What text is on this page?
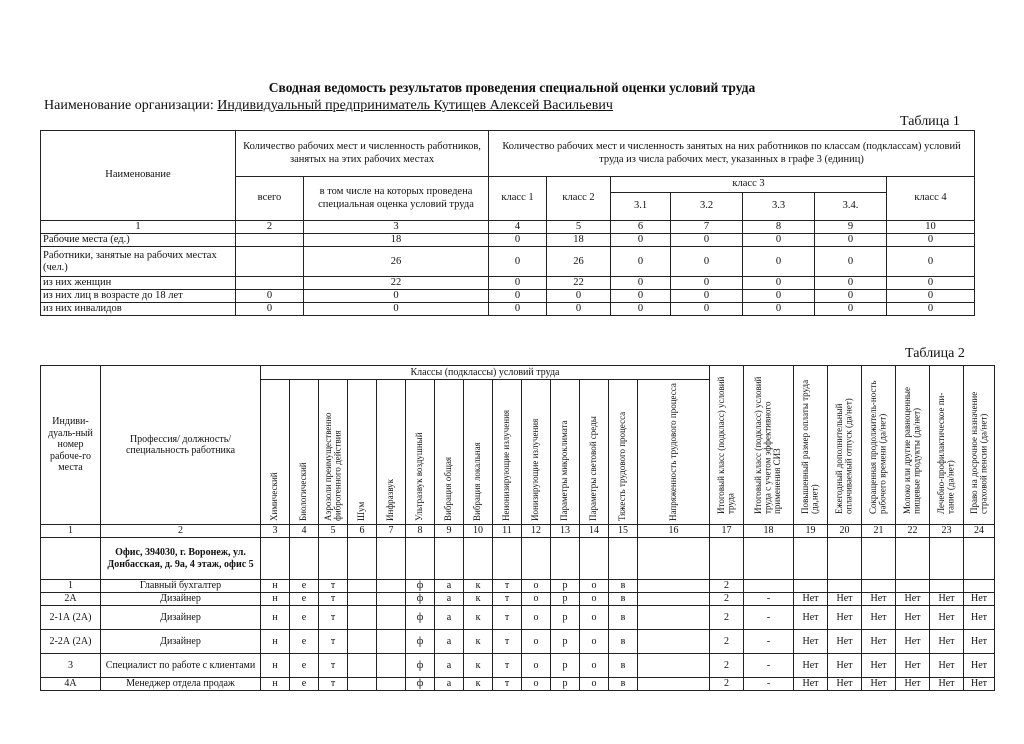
Сводная ведомость результатов проведения специальной оценки условий труда
Наименование организации: Индивидуальный предприниматель Кутищев Алексей Васильевич
Таблица 1
Наименование	Количество рабочих мест и численность работников, занятых на этих рабочих местах		Количество рабочих мест и численность занятых на них работников по классам (подклассам) условий труда из числа рабочих мест, указанных в графе 3 (единиц)						
	всего	в том числе на которых проведена специальная оценка условий труда	класс 1	класс 2	класс 3				класс 4
					3.1	3.2	3.3	3.4.	
1	2	3	4	5	6	7	8	9	10
Рабочие места (ед.)		18	0	18	0	0	0	0	0
Работники, занятые на рабочих местах (чел.)		26	0	26	0	0	0	0	0
из них женщин		22	0	22	0	0	0	0	0
из них лиц в возрасте до 18 лет	0	0	0	0	0	0	0	0	0
из них инвалидов	0	0	0	0	0	0	0	0	0
Таблица 2
Индиви-дуаль-ный номер рабоче-го места	Профессия/ должность/ специальность работника	Классы (подклассы) условий труда														Итоговый класс (подкласс) условий труда	Итоговый класс (подкласс) условий труда с учетом эффективного применения СИЗ	Повышенный размер оплаты труда (да,нет)	Ежегодный дополнительный оплачиваемый отпуск (да/нет)	Сокращенная продолжитель-ность рабочего времени (да/нет)	Молоко или другие равноценные пищевые продукты (да/нет)	Лечебно-профилактическое пи-тание (да/нет)	Право на досрочное назначение страховой пенсии (да/нет)

		Химический	Биологический	Аэрозоли преимущественно фиброгенного действия	Шум	Инфразвук	Ультразвук воздушный	Вибрация общая	Вибрация локальная	Неионизирующие излучения	Ионизирующие излучения	Параметры микроклимата	Параметры световой среды	Тяжесть трудового процесса	Напряженность трудового процесса								

1	2	3	4	5	6	7	8	9	10	11	12	13	14	15	16	17	18	19	20	21	22	23	24
	Офис, 394030, г. Воронеж, ул. Донбасская, д. 9а, 4 этаж, офис 5																						
1	Главный бухгалтер	н	е	т			ф	а	к	т	о	р	о	в		2							
2А	Дизайнер	н	е	т			ф	а	к	т	о	р	о	в		2	-	Нет	Нет	Нет	Нет	Нет	Нет
2-1А (2А)	Дизайнер	н	е	т			ф	а	к	т	о	р	о	в		2	-	Нет	Нет	Нет	Нет	Нет	Нет
2-2А (2А)	Дизайнер	н	е	т			ф	а	к	т	о	р	о	в		2	-	Нет	Нет	Нет	Нет	Нет	Нет
3	Специалист по работе с клиентами	н	е	т			ф	а	к	т	о	р	о	в		2	-	Нет	Нет	Нет	Нет	Нет	Нет
4А	Менеджер отдела продаж	н	е	т			ф	а	к	т	о	р	о	в		2	-	Нет	Нет	Нет	Нет	Нет	Нет
